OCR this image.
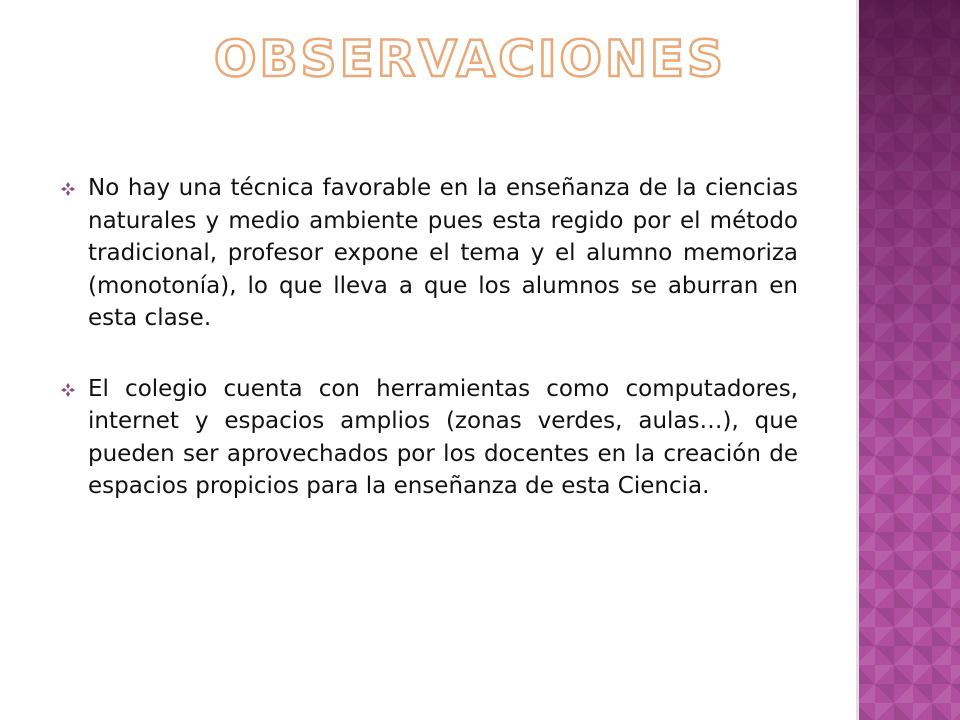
OBSERVACIONES
No hay una técnica favorable en la enseñanza de la ciencias naturales y medio ambiente pues esta regido por el método tradicional, profesor expone el tema y el alumno memoriza (monotonía), lo que lleva a que los alumnos se aburran en esta clase.
El colegio cuenta con herramientas como computadores, internet y espacios amplios (zonas verdes, aulas…), que pueden ser aprovechados por los docentes en la creación de espacios propicios para la enseñanza de esta Ciencia.
